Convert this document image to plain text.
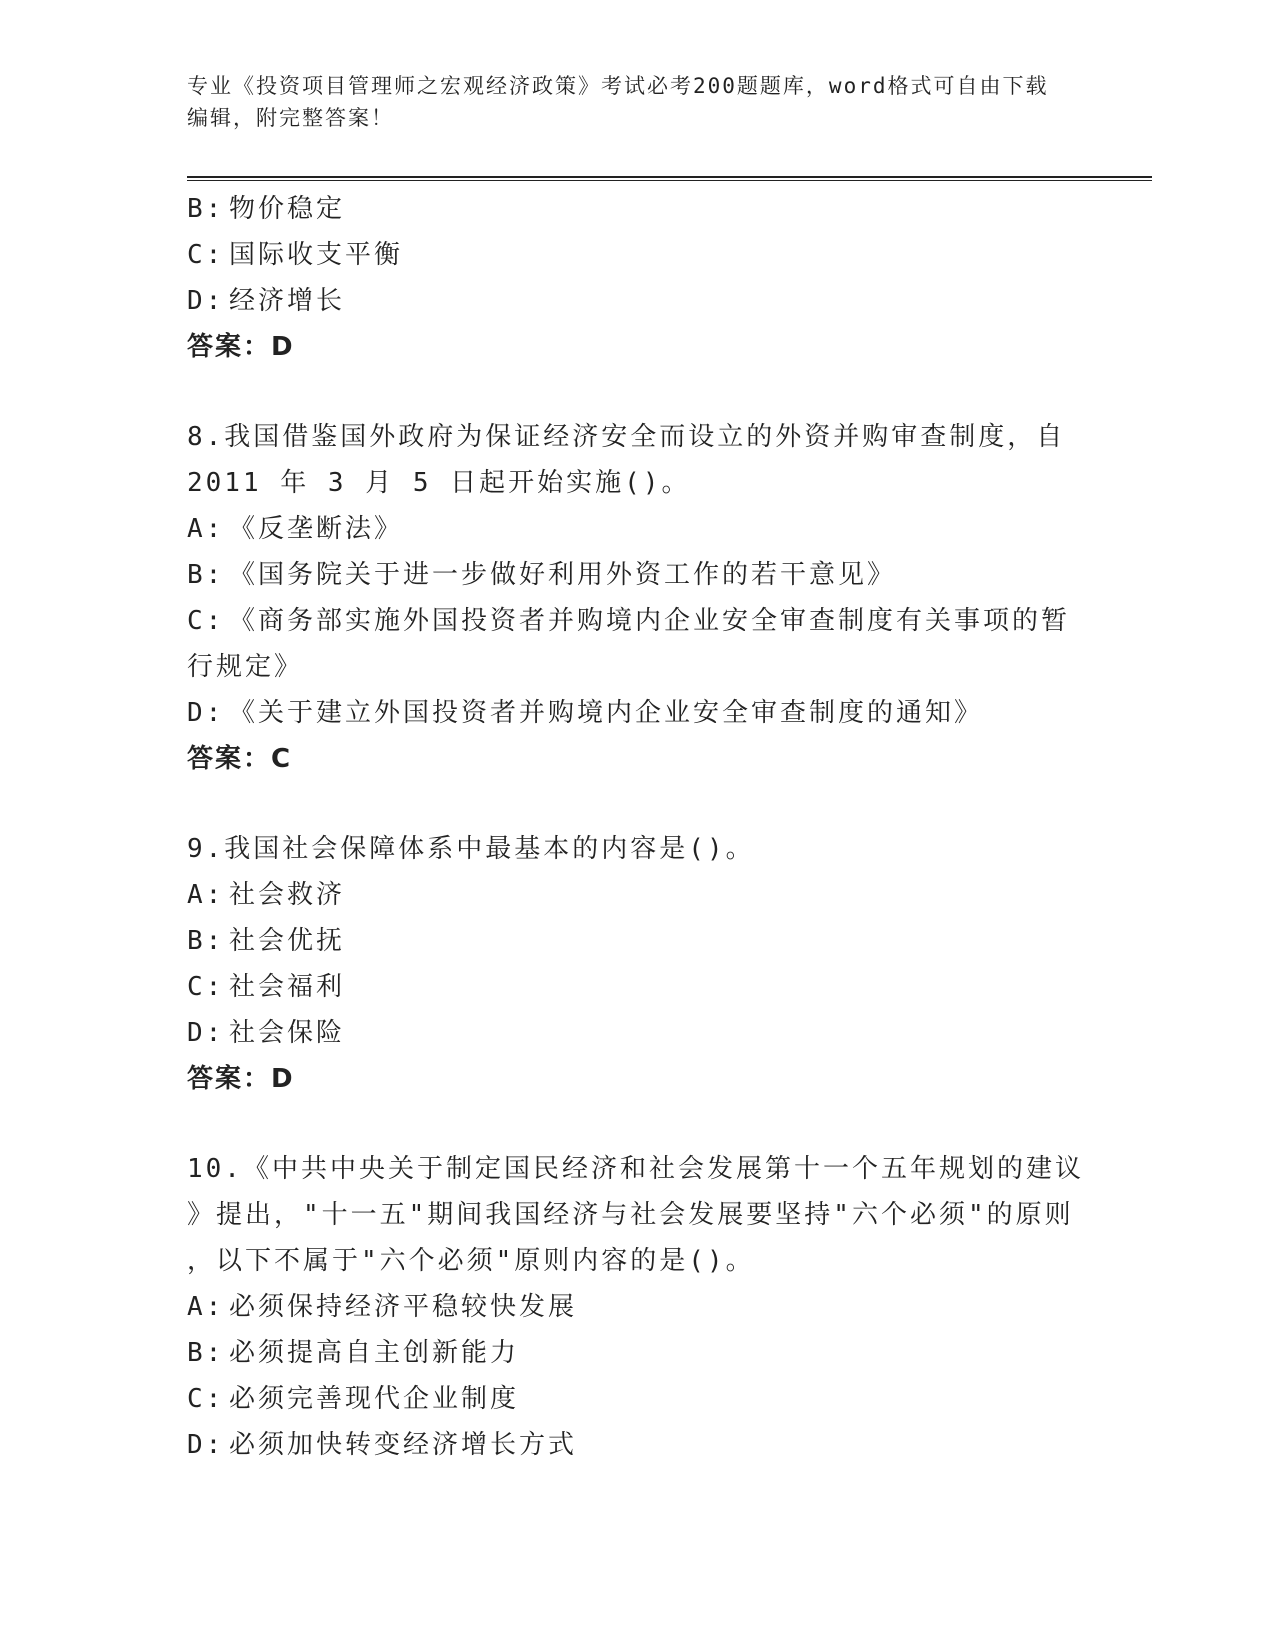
专业《投资项目管理师之宏观经济政策》考试必考200题题库，word格式可自由下载编辑，附完整答案！
B: 物价稳定
C: 国际收支平衡
D: 经济增长
答案：D
8.我国借鉴国外政府为保证经济安全而设立的外资并购审查制度，自
2011 年 3 月 5 日起开始实施()。
A: 《反垄断法》
B: 《国务院关于进一步做好利用外资工作的若干意见》
C: 《商务部实施外国投资者并购境内企业安全审查制度有关事项的暂
行规定》
D: 《关于建立外国投资者并购境内企业安全审查制度的通知》
答案：C
9.我国社会保障体系中最基本的内容是()。
A: 社会救济
B: 社会优抚
C: 社会福利
D: 社会保险
答案：D
10.《中共中央关于制定国民经济和社会发展第十一个五年规划的建议
》提出，"十一五"期间我国经济与社会发展要坚持"六个必须"的原则
，以下不属于"六个必须"原则内容的是()。
A: 必须保持经济平稳较快发展
B: 必须提高自主创新能力
C: 必须完善现代企业制度
D: 必须加快转变经济增长方式
